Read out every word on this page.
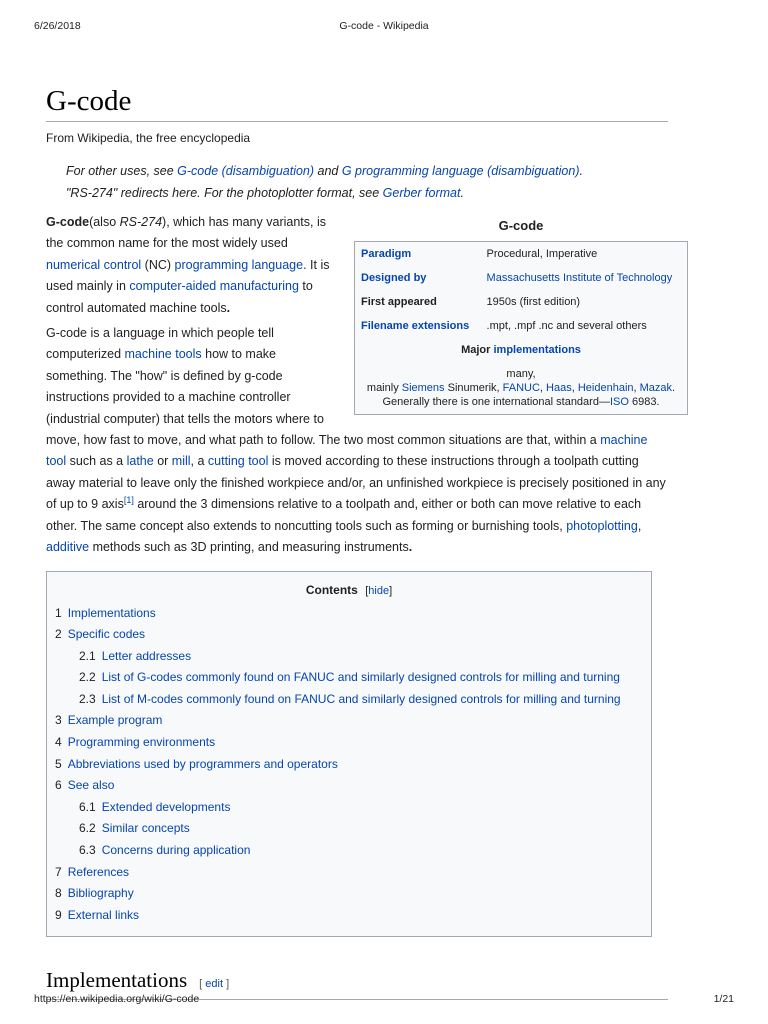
6/26/2018	G-code - Wikipedia
G-code
From Wikipedia, the free encyclopedia
For other uses, see G-code (disambiguation) and G programming language (disambiguation).
"RS-274" redirects here. For the photoplotter format, see Gerber format.
G-code
Paradigm	Procedural, Imperative
Designed by	Massachusetts Institute of Technology
First appeared	1950s (first edition)
Filename extensions	.mpt, .mpf .nc and several others
Major implementations	

many,
mainly Siemens Sinumerik, FANUC, Haas, Heidenhain, Mazak.
Generally there is one international standard—ISO 6983.	

G-code(also RS-274), which has many variants, is the common name for the most widely used numerical control (NC) programming language. It is used mainly in computer-aided manufacturing to control automated machine tools.

G-code is a language in which people tell computerized machine tools how to make something. The "how" is defined by g-code instructions provided to a machine controller (industrial computer) that tells the motors where to move, how fast to move, and what path to follow. The two most common situations are that, within a machine tool such as a lathe or mill, a cutting tool is moved according to these instructions through a toolpath cutting away material to leave only the finished workpiece and/or, an unfinished workpiece is precisely positioned in any of up to 9 axis[1] around the 3 dimensions relative to a toolpath and, either or both can move relative to each other. The same concept also extends to noncutting tools such as forming or burnishing tools, photoplotting, additive methods such as 3D printing, and measuring instruments.

Contents [hide]
1 Implementations
2 Specific codes
2.1 Letter addresses
2.2 List of G-codes commonly found on FANUC and similarly designed controls for milling and turning
2.3 List of M-codes commonly found on FANUC and similarly designed controls for milling and turning
3 Example program
4 Programming environments
5 Abbreviations used by programmers and operators
6 See also
6.1 Extended developments
6.2 Similar concepts
6.3 Concerns during application
7 References
8 Bibliography
9 External links
Implementations [ edit ]
https://en.wikipedia.org/wiki/G-code	1/21
